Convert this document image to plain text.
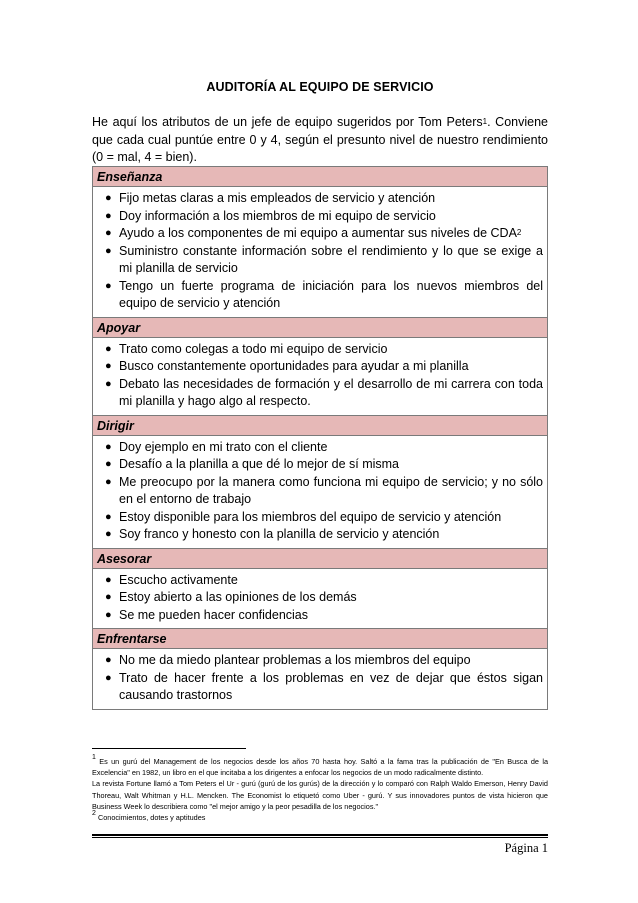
AUDITORÍA AL EQUIPO DE SERVICIO
He aquí los atributos de un jefe de equipo sugeridos por Tom Peters$^1$. Conviene que cada cual puntúe entre 0 y 4, según el presunto nivel de nuestro rendimiento (0 = mal, 4 = bien).
Enseñanza
● Fijo metas claras a mis empleados de servicio y atención
● Doy información a los miembros de mi equipo de servicio
● Ayudo a los componentes de mi equipo a aumentar sus niveles de CDA$^2$
● Suministro constante información sobre el rendimiento y lo que se exige a mi planilla de servicio
● Tengo un fuerte programa de iniciación para los nuevos miembros del equipo de servicio y atención
Apoyar
● Trato como colegas a todo mi equipo de servicio
● Busco constantemente oportunidades para ayudar a mi planilla
● Debato las necesidades de formación y el desarrollo de mi carrera con toda mi planilla y hago algo al respecto.
Dirigir
● Doy ejemplo en mi trato con el cliente
● Desafío a la planilla a que dé lo mejor de sí misma
● Me preocupo por la manera como funciona mi equipo de servicio; y no sólo en el entorno de trabajo
● Estoy disponible para los miembros del equipo de servicio y atención
● Soy franco y honesto con la planilla de servicio y atención
Asesorar
● Escucho activamente
● Estoy abierto a las opiniones de los demás
● Se me pueden hacer confidencias
Enfrentarse
● No me da miedo plantear problemas a los miembros del equipo
● Trato de hacer frente a los problemas en vez de dejar que éstos sigan causando trastornos
$^1$ Es un gurú del Management de los negocios desde los años 70 hasta hoy. Saltó a la fama tras la publicación de "En Busca de la Excelencia" en 1982, un libro en el que incitaba a los dirigentes a enfocar los negocios de un modo radicalmente distinto.
La revista Fortune llamó a Tom Peters el Ur - gurú (gurú de los gurús) de la dirección y lo comparó con Ralph Waldo Emerson, Henry David Thoreau, Walt Whitman y H.L. Mencken. The Economist lo etiquetó como Uber - gurú. Y sus innovadores puntos de vista hicieron que Business Week lo describiera como "el mejor amigo y la peor pesadilla de los negocios."
$^2$ Conocimientos, dotes y aptitudes
Página 1
